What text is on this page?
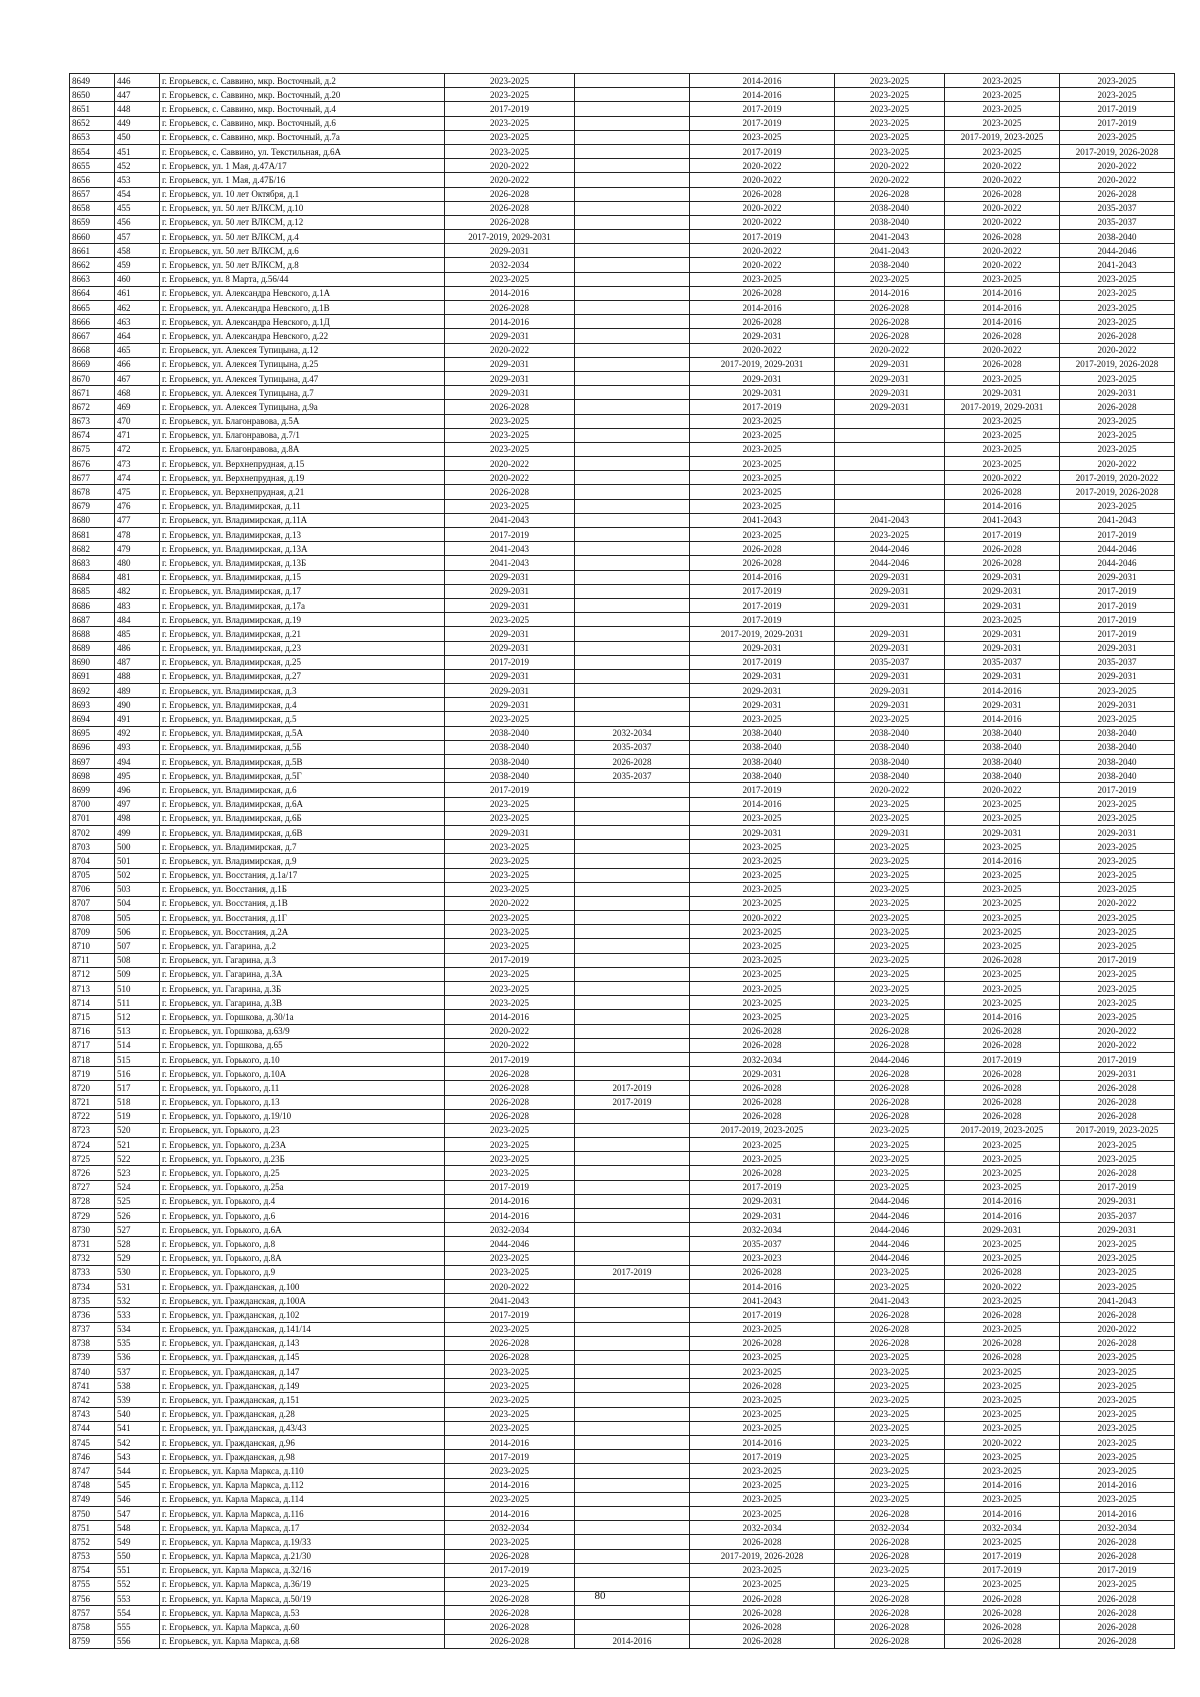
8649	446	г. Егорьевск, с. Саввино, мкр. Восточный, д.2	2023-2025		2014-2016	2023-2025	2023-2025	2023-2025
8650	447	г. Егорьевск, с. Саввино, мкр. Восточный, д.20	2023-2025		2014-2016	2023-2025	2023-2025	2023-2025
8651	448	г. Егорьевск, с. Саввино, мкр. Восточный, д.4	2017-2019		2017-2019	2023-2025	2023-2025	2017-2019
8652	449	г. Егорьевск, с. Саввино, мкр. Восточный, д.6	2023-2025		2017-2019	2023-2025	2023-2025	2017-2019
8653	450	г. Егорьевск, с. Саввино, мкр. Восточный, д.7а	2023-2025		2023-2025	2023-2025	2017-2019, 2023-2025	2023-2025
8654	451	г. Егорьевск, с. Саввино, ул. Текстильная, д.6А	2023-2025		2017-2019	2023-2025	2023-2025	2017-2019, 2026-2028
8655	452	г. Егорьевск, ул. 1 Мая, д.47А/17	2020-2022		2020-2022	2020-2022	2020-2022	2020-2022
8656	453	г. Егорьевск, ул. 1 Мая, д.47Б/16	2020-2022		2020-2022	2020-2022	2020-2022	2020-2022
8657	454	г. Егорьевск, ул. 10 лет Октября, д.1	2026-2028		2026-2028	2026-2028	2026-2028	2026-2028
8658	455	г. Егорьевск, ул. 50 лет ВЛКСМ, д.10	2026-2028		2020-2022	2038-2040	2020-2022	2035-2037
8659	456	г. Егорьевск, ул. 50 лет ВЛКСМ, д.12	2026-2028		2020-2022	2038-2040	2020-2022	2035-2037
8660	457	г. Егорьевск, ул. 50 лет ВЛКСМ, д.4	2017-2019, 2029-2031		2017-2019	2041-2043	2026-2028	2038-2040
8661	458	г. Егорьевск, ул. 50 лет ВЛКСМ, д.6	2029-2031		2020-2022	2041-2043	2020-2022	2044-2046
8662	459	г. Егорьевск, ул. 50 лет ВЛКСМ, д.8	2032-2034		2020-2022	2038-2040	2020-2022	2041-2043
8663	460	г. Егорьевск, ул. 8 Марта, д.56/44	2023-2025		2023-2025	2023-2025	2023-2025	2023-2025
8664	461	г. Егорьевск, ул. Александра Невского, д.1А	2014-2016		2026-2028	2014-2016	2014-2016	2023-2025
8665	462	г. Егорьевск, ул. Александра Невского, д.1В	2026-2028		2014-2016	2026-2028	2014-2016	2023-2025
8666	463	г. Егорьевск, ул. Александра Невского, д.1Д	2014-2016		2026-2028	2026-2028	2014-2016	2023-2025
8667	464	г. Егорьевск, ул. Александра Невского, д.22	2029-2031		2029-2031	2026-2028	2026-2028	2026-2028
8668	465	г. Егорьевск, ул. Алексея Тупицына, д.12	2020-2022		2020-2022	2020-2022	2020-2022	2020-2022
8669	466	г. Егорьевск, ул. Алексея Тупицына, д.25	2029-2031		2017-2019, 2029-2031	2029-2031	2026-2028	2017-2019, 2026-2028
8670	467	г. Егорьевск, ул. Алексея Тупицына, д.47	2029-2031		2029-2031	2029-2031	2023-2025	2023-2025
8671	468	г. Егорьевск, ул. Алексея Тупицына, д.7	2029-2031		2029-2031	2029-2031	2029-2031	2029-2031
8672	469	г. Егорьевск, ул. Алексея Тупицына, д.9а	2026-2028		2017-2019	2029-2031	2017-2019, 2029-2031	2026-2028
8673	470	г. Егорьевск, ул. Благонравова, д.5А	2023-2025		2023-2025		2023-2025	2023-2025
8674	471	г. Егорьевск, ул. Благонравова, д.7/1	2023-2025		2023-2025		2023-2025	2023-2025
8675	472	г. Егорьевск, ул. Благонравова, д.8А	2023-2025		2023-2025		2023-2025	2023-2025
8676	473	г. Егорьевск, ул. Верхнепрудная, д.15	2020-2022		2023-2025		2023-2025	2020-2022
8677	474	г. Егорьевск, ул. Верхнепрудная, д.19	2020-2022		2023-2025		2020-2022	2017-2019, 2020-2022
8678	475	г. Егорьевск, ул. Верхнепрудная, д.21	2026-2028		2023-2025		2026-2028	2017-2019, 2026-2028
8679	476	г. Егорьевск, ул. Владимирская, д.11	2023-2025		2023-2025		2014-2016	2023-2025
8680	477	г. Егорьевск, ул. Владимирская, д.11А	2041-2043		2041-2043	2041-2043	2041-2043	2041-2043
8681	478	г. Егорьевск, ул. Владимирская, д.13	2017-2019		2023-2025	2023-2025	2017-2019	2017-2019
8682	479	г. Егорьевск, ул. Владимирская, д.13А	2041-2043		2026-2028	2044-2046	2026-2028	2044-2046
8683	480	г. Егорьевск, ул. Владимирская, д.13Б	2041-2043		2026-2028	2044-2046	2026-2028	2044-2046
8684	481	г. Егорьевск, ул. Владимирская, д.15	2029-2031		2014-2016	2029-2031	2029-2031	2029-2031
8685	482	г. Егорьевск, ул. Владимирская, д.17	2029-2031		2017-2019	2029-2031	2029-2031	2017-2019
8686	483	г. Егорьевск, ул. Владимирская, д.17а	2029-2031		2017-2019	2029-2031	2029-2031	2017-2019
8687	484	г. Егорьевск, ул. Владимирская, д.19	2023-2025		2017-2019		2023-2025	2017-2019
8688	485	г. Егорьевск, ул. Владимирская, д.21	2029-2031		2017-2019, 2029-2031	2029-2031	2029-2031	2017-2019
8689	486	г. Егорьевск, ул. Владимирская, д.23	2029-2031		2029-2031	2029-2031	2029-2031	2029-2031
8690	487	г. Егорьевск, ул. Владимирская, д.25	2017-2019		2017-2019	2035-2037	2035-2037	2035-2037
8691	488	г. Егорьевск, ул. Владимирская, д.27	2029-2031		2029-2031	2029-2031	2029-2031	2029-2031
8692	489	г. Егорьевск, ул. Владимирская, д.3	2029-2031		2029-2031	2029-2031	2014-2016	2023-2025
8693	490	г. Егорьевск, ул. Владимирская, д.4	2029-2031		2029-2031	2029-2031	2029-2031	2029-2031
8694	491	г. Егорьевск, ул. Владимирская, д.5	2023-2025		2023-2025	2023-2025	2014-2016	2023-2025
8695	492	г. Егорьевск, ул. Владимирская, д.5А	2038-2040	2032-2034	2038-2040	2038-2040	2038-2040	2038-2040
8696	493	г. Егорьевск, ул. Владимирская, д.5Б	2038-2040	2035-2037	2038-2040	2038-2040	2038-2040	2038-2040
8697	494	г. Егорьевск, ул. Владимирская, д.5В	2038-2040	2026-2028	2038-2040	2038-2040	2038-2040	2038-2040
8698	495	г. Егорьевск, ул. Владимирская, д.5Г	2038-2040	2035-2037	2038-2040	2038-2040	2038-2040	2038-2040
8699	496	г. Егорьевск, ул. Владимирская, д.6	2017-2019		2017-2019	2020-2022	2020-2022	2017-2019
8700	497	г. Егорьевск, ул. Владимирская, д.6А	2023-2025		2014-2016	2023-2025	2023-2025	2023-2025
8701	498	г. Егорьевск, ул. Владимирская, д.6Б	2023-2025		2023-2025	2023-2025	2023-2025	2023-2025
8702	499	г. Егорьевск, ул. Владимирская, д.6В	2029-2031		2029-2031	2029-2031	2029-2031	2029-2031
8703	500	г. Егорьевск, ул. Владимирская, д.7	2023-2025		2023-2025	2023-2025	2023-2025	2023-2025
8704	501	г. Егорьевск, ул. Владимирская, д.9	2023-2025		2023-2025	2023-2025	2014-2016	2023-2025
8705	502	г. Егорьевск, ул. Восстания, д.1а/17	2023-2025		2023-2025	2023-2025	2023-2025	2023-2025
8706	503	г. Егорьевск, ул. Восстания, д.1Б	2023-2025		2023-2025	2023-2025	2023-2025	2023-2025
8707	504	г. Егорьевск, ул. Восстания, д.1В	2020-2022		2023-2025	2023-2025	2023-2025	2020-2022
8708	505	г. Егорьевск, ул. Восстания, д.1Г	2023-2025		2020-2022	2023-2025	2023-2025	2023-2025
8709	506	г. Егорьевск, ул. Восстания, д.2А	2023-2025		2023-2025	2023-2025	2023-2025	2023-2025
8710	507	г. Егорьевск, ул. Гагарина, д.2	2023-2025		2023-2025	2023-2025	2023-2025	2023-2025
8711	508	г. Егорьевск, ул. Гагарина, д.3	2017-2019		2023-2025	2023-2025	2026-2028	2017-2019
8712	509	г. Егорьевск, ул. Гагарина, д.3А	2023-2025		2023-2025	2023-2025	2023-2025	2023-2025
8713	510	г. Егорьевск, ул. Гагарина, д.3Б	2023-2025		2023-2025	2023-2025	2023-2025	2023-2025
8714	511	г. Егорьевск, ул. Гагарина, д.3В	2023-2025		2023-2025	2023-2025	2023-2025	2023-2025
8715	512	г. Егорьевск, ул. Горшкова, д.30/1а	2014-2016		2023-2025	2023-2025	2014-2016	2023-2025
8716	513	г. Егорьевск, ул. Горшкова, д.63/9	2020-2022		2026-2028	2026-2028	2026-2028	2020-2022
8717	514	г. Егорьевск, ул. Горшкова, д.65	2020-2022		2026-2028	2026-2028	2026-2028	2020-2022
8718	515	г. Егорьевск, ул. Горького, д.10	2017-2019		2032-2034	2044-2046	2017-2019	2017-2019
8719	516	г. Егорьевск, ул. Горького, д.10А	2026-2028		2029-2031	2026-2028	2026-2028	2029-2031
8720	517	г. Егорьевск, ул. Горького, д.11	2026-2028	2017-2019	2026-2028	2026-2028	2026-2028	2026-2028
8721	518	г. Егорьевск, ул. Горького, д.13	2026-2028	2017-2019	2026-2028	2026-2028	2026-2028	2026-2028
8722	519	г. Егорьевск, ул. Горького, д.19/10	2026-2028		2026-2028	2026-2028	2026-2028	2026-2028
8723	520	г. Егорьевск, ул. Горького, д.23	2023-2025		2017-2019, 2023-2025	2023-2025	2017-2019, 2023-2025	2017-2019, 2023-2025
8724	521	г. Егорьевск, ул. Горького, д.23А	2023-2025		2023-2025	2023-2025	2023-2025	2023-2025
8725	522	г. Егорьевск, ул. Горького, д.23Б	2023-2025		2023-2025	2023-2025	2023-2025	2023-2025
8726	523	г. Егорьевск, ул. Горького, д.25	2023-2025		2026-2028	2023-2025	2023-2025	2026-2028
8727	524	г. Егорьевск, ул. Горького, д.25а	2017-2019		2017-2019	2023-2025	2023-2025	2017-2019
8728	525	г. Егорьевск, ул. Горького, д.4	2014-2016		2029-2031	2044-2046	2014-2016	2029-2031
8729	526	г. Егорьевск, ул. Горького, д.6	2014-2016		2029-2031	2044-2046	2014-2016	2035-2037
8730	527	г. Егорьевск, ул. Горького, д.6А	2032-2034		2032-2034	2044-2046	2029-2031	2029-2031
8731	528	г. Егорьевск, ул. Горького, д.8	2044-2046		2035-2037	2044-2046	2023-2025	2023-2025
8732	529	г. Егорьевск, ул. Горького, д.8А	2023-2025		2023-2023	2044-2046	2023-2025	2023-2025
8733	530	г. Егорьевск, ул. Горького, д.9	2023-2025	2017-2019	2026-2028	2023-2025	2026-2028	2023-2025
8734	531	г. Егорьевск, ул. Гражданская, д.100	2020-2022		2014-2016	2023-2025	2020-2022	2023-2025
8735	532	г. Егорьевск, ул. Гражданская, д.100А	2041-2043		2041-2043	2041-2043	2023-2025	2041-2043
8736	533	г. Егорьевск, ул. Гражданская, д.102	2017-2019		2017-2019	2026-2028	2026-2028	2026-2028
8737	534	г. Егорьевск, ул. Гражданская, д.141/14	2023-2025		2023-2025	2026-2028	2023-2025	2020-2022
8738	535	г. Егорьевск, ул. Гражданская, д.143	2026-2028		2026-2028	2026-2028	2026-2028	2026-2028
8739	536	г. Егорьевск, ул. Гражданская, д.145	2026-2028		2023-2025	2023-2025	2026-2028	2023-2025
8740	537	г. Егорьевск, ул. Гражданская, д.147	2023-2025		2023-2025	2023-2025	2023-2025	2023-2025
8741	538	г. Егорьевск, ул. Гражданская, д.149	2023-2025		2026-2028	2023-2025	2023-2025	2023-2025
8742	539	г. Егорьевск, ул. Гражданская, д.151	2023-2025		2023-2025	2023-2025	2023-2025	2023-2025
8743	540	г. Егорьевск, ул. Гражданская, д.28	2023-2025		2023-2025	2023-2025	2023-2025	2023-2025
8744	541	г. Егорьевск, ул. Гражданская, д.43/43	2023-2025		2023-2025	2023-2025	2023-2025	2023-2025
8745	542	г. Егорьевск, ул. Гражданская, д.96	2014-2016		2014-2016	2023-2025	2020-2022	2023-2025
8746	543	г. Егорьевск, ул. Гражданская, д.98	2017-2019		2017-2019	2023-2025	2023-2025	2023-2025
8747	544	г. Егорьевск, ул. Карла Маркса, д.110	2023-2025		2023-2025	2023-2025	2023-2025	2023-2025
8748	545	г. Егорьевск, ул. Карла Маркса, д.112	2014-2016		2023-2025	2023-2025	2014-2016	2014-2016
8749	546	г. Егорьевск, ул. Карла Маркса, д.114	2023-2025		2023-2025	2023-2025	2023-2025	2023-2025
8750	547	г. Егорьевск, ул. Карла Маркса, д.116	2014-2016		2023-2025	2026-2028	2014-2016	2014-2016
8751	548	г. Егорьевск, ул. Карла Маркса, д.17	2032-2034		2032-2034	2032-2034	2032-2034	2032-2034
8752	549	г. Егорьевск, ул. Карла Маркса, д.19/33	2023-2025		2026-2028	2026-2028	2023-2025	2026-2028
8753	550	г. Егорьевск, ул. Карла Маркса, д.21/30	2026-2028		2017-2019, 2026-2028	2026-2028	2017-2019	2026-2028
8754	551	г. Егорьевск, ул. Карла Маркса, д.32/16	2017-2019		2023-2025	2023-2025	2017-2019	2017-2019
8755	552	г. Егорьевск, ул. Карла Маркса, д.36/19	2023-2025		2023-2025	2023-2025	2023-2025	2023-2025
8756	553	г. Егорьевск, ул. Карла Маркса, д.50/19	2026-2028		2026-2028	2026-2028	2026-2028	2026-2028
8757	554	г. Егорьевск, ул. Карла Маркса, д.53	2026-2028		2026-2028	2026-2028	2026-2028	2026-2028
8758	555	г. Егорьевск, ул. Карла Маркса, д.60	2026-2028		2026-2028	2026-2028	2026-2028	2026-2028
8759	556	г. Егорьевск, ул. Карла Маркса, д.68	2026-2028	2014-2016	2026-2028	2026-2028	2026-2028	2026-2028
80
